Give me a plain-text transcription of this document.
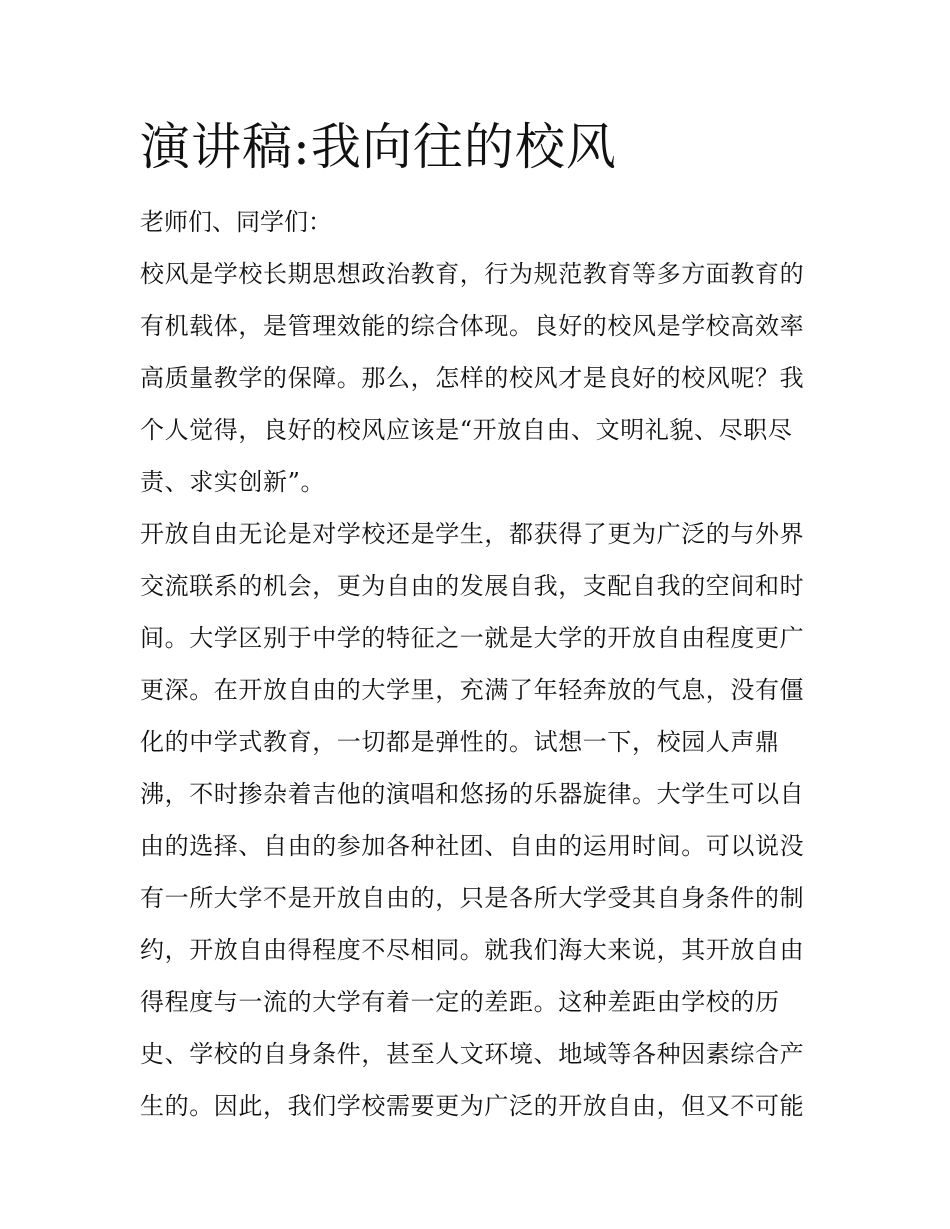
演讲稿:我向往的校风

老师们、同学们：

校风是学校长期思想政治教育，行为规范教育等多方面教育的
有机载体，是管理效能的综合体现。良好的校风是学校高效率
高质量教学的保障。那么，怎样的校风才是良好的校风呢？我
个人觉得，良好的校风应该是“开放自由、文明礼貌、尽职尽
责、求实创新”。
开放自由无论是对学校还是学生，都获得了更为广泛的与外界
交流联系的机会，更为自由的发展自我，支配自我的空间和时
间。大学区别于中学的特征之一就是大学的开放自由程度更广
更深。在开放自由的大学里，充满了年轻奔放的气息，没有僵
化的中学式教育，一切都是弹性的。试想一下，校园人声鼎
沸，不时掺杂着吉他的演唱和悠扬的乐器旋律。大学生可以自
由的选择、自由的参加各种社团、自由的运用时间。可以说没
有一所大学不是开放自由的，只是各所大学受其自身条件的制
约，开放自由得程度不尽相同。就我们海大来说，其开放自由
得程度与一流的大学有着一定的差距。这种差距由学校的历
史、学校的自身条件，甚至人文环境、地域等各种因素综合产
生的。因此，我们学校需要更为广泛的开放自由，但又不可能
